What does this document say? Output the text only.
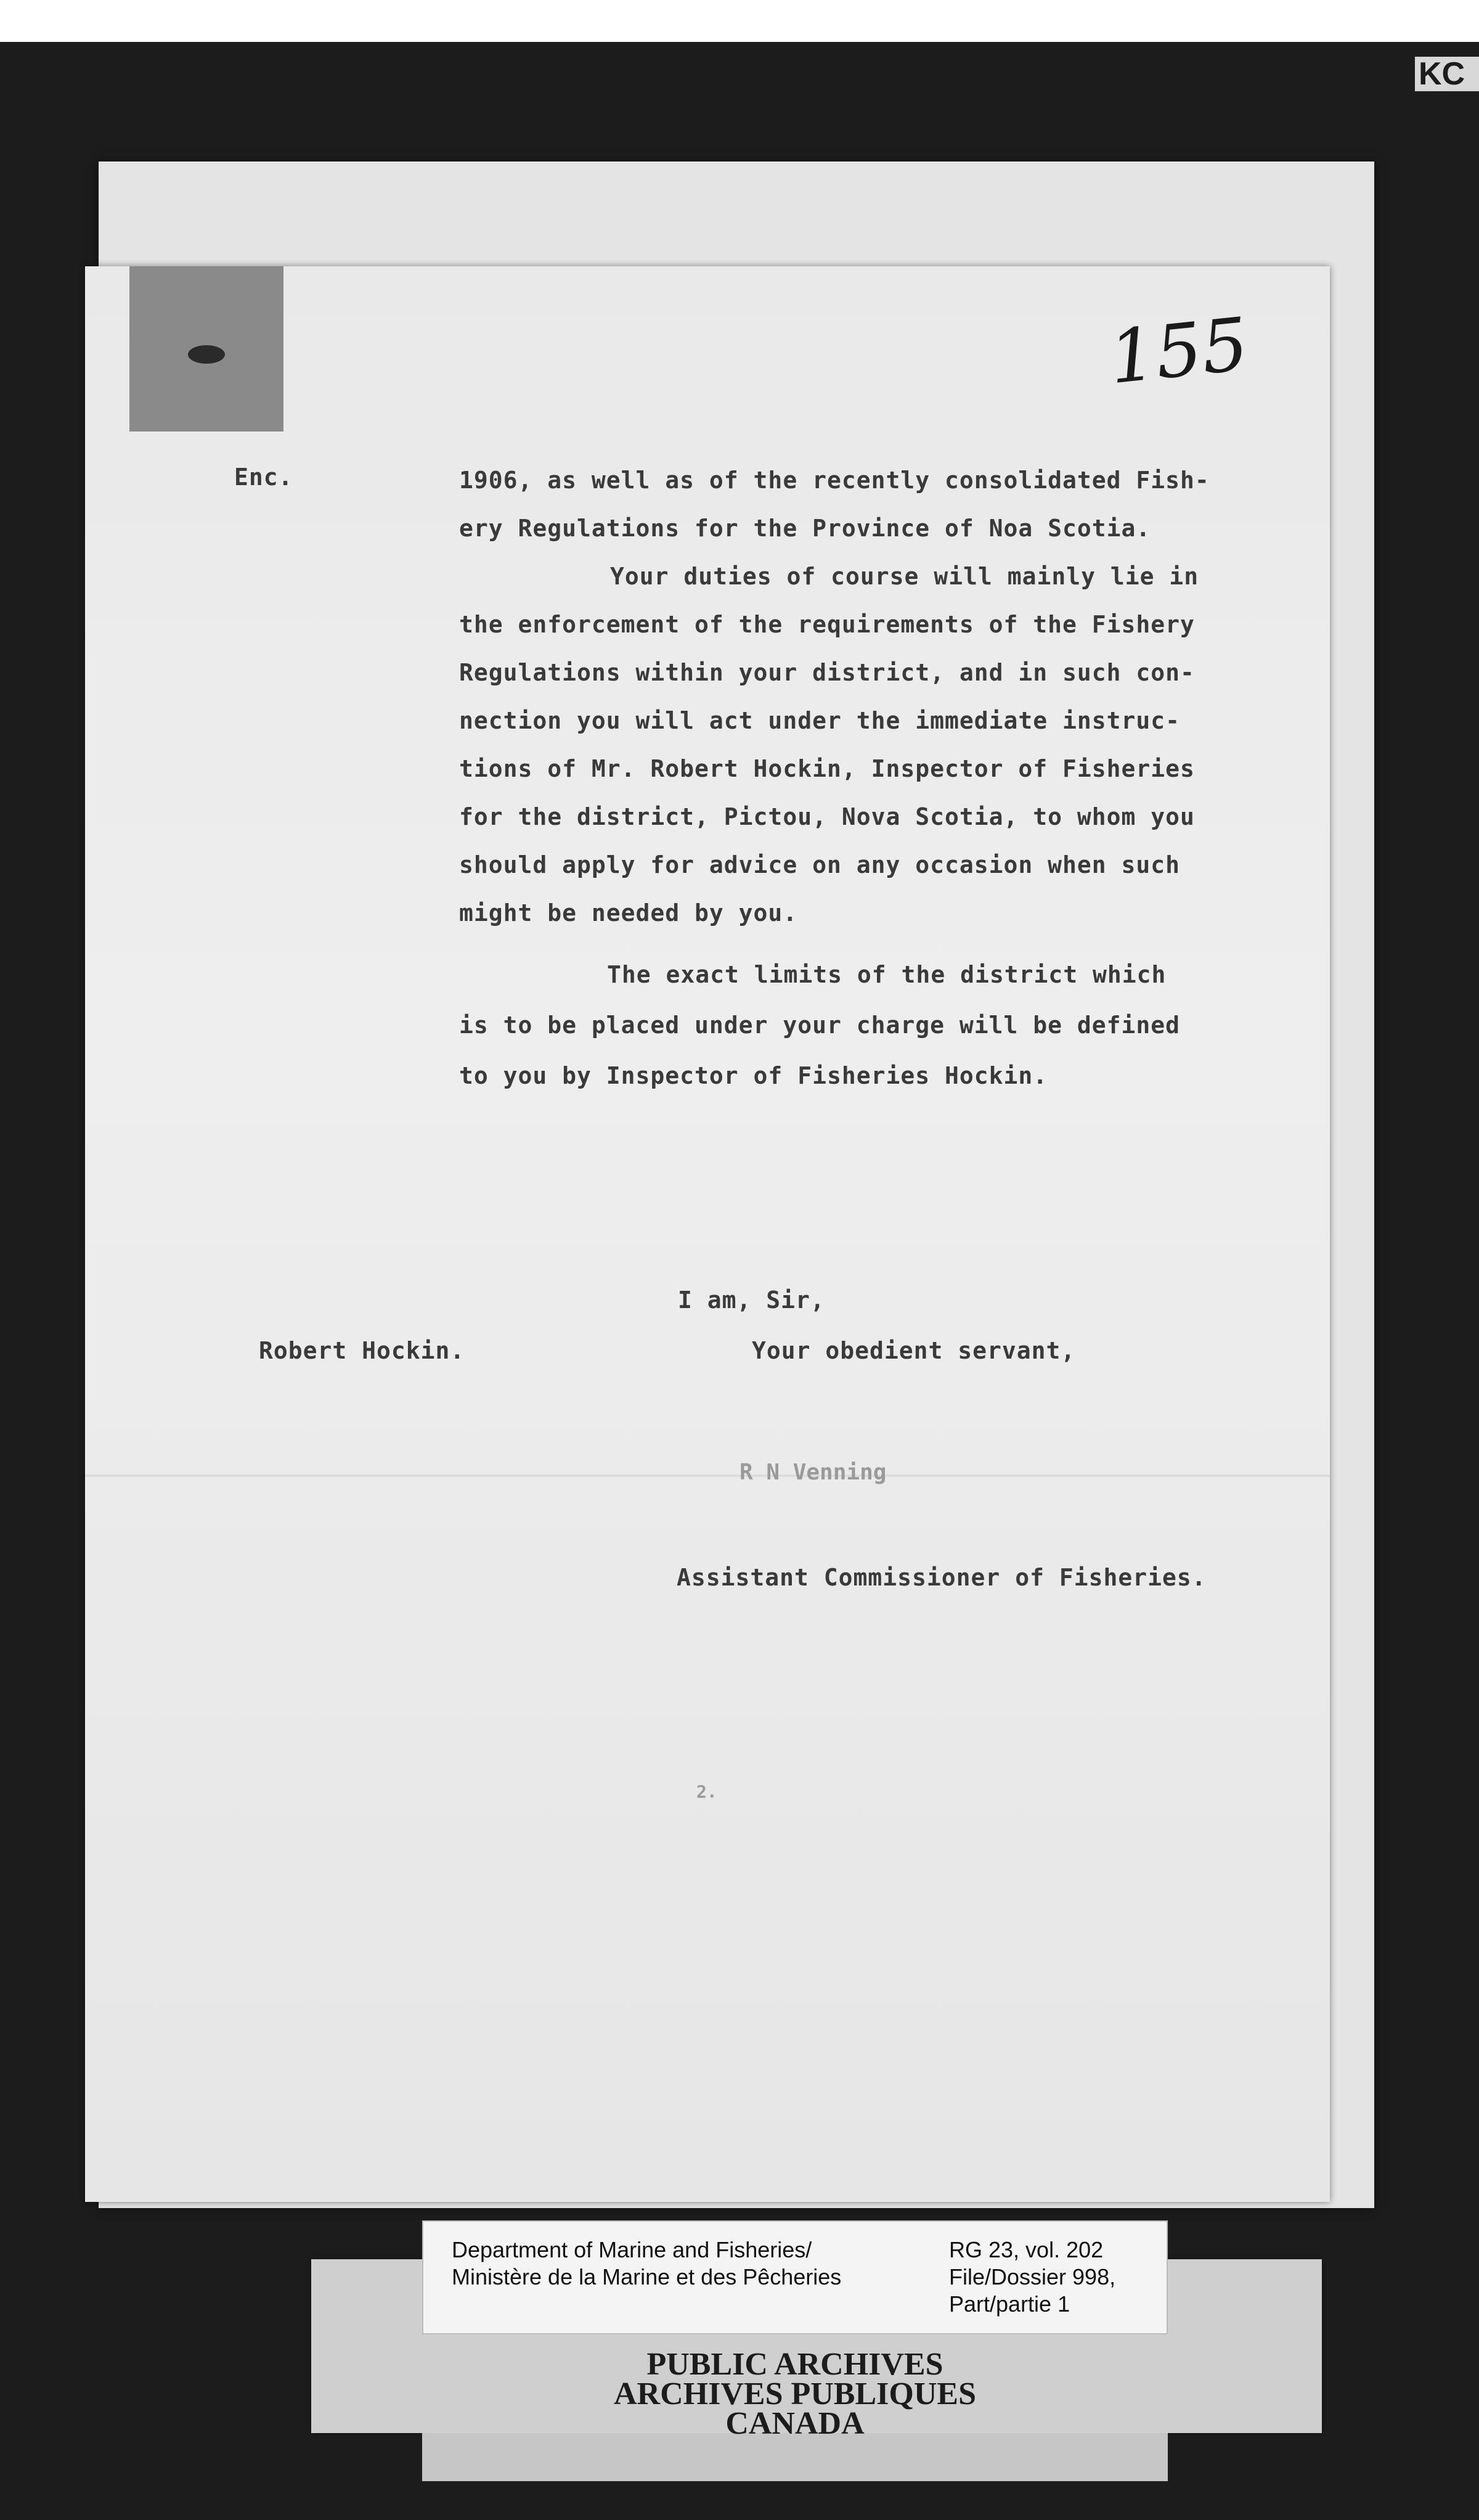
KC
155
Enc.	1906, as well as of the recently consolidated Fish-
ery Regulations for the Province of Noa Scotia.
Your duties of course will mainly lie in
the enforcement of the requirements of the Fishery
Regulations within your district, and in such con-
nection you will act under the immediate instruc-
tions of Mr. Robert Hockin, Inspector of Fisheries
for the district, Pictou, Nova Scotia, to whom you
should apply for advice on any occasion when such
might be needed by you.
The exact limits of the district which
is to be placed under your charge will be defined
to you by Inspector of Fisheries Hockin.
I am, Sir,
Your obedient servant,
Robert Hockin.
R N Venning
Assistant Commissioner of Fisheries.
2.
Department of Marine and Fisheries/
Ministère de la Marine et des Pêcheries
RG 23, vol. 202
File/Dossier 998,
Part/partie 1
PUBLIC ARCHIVES
ARCHIVES PUBLIQUES
CANADA
